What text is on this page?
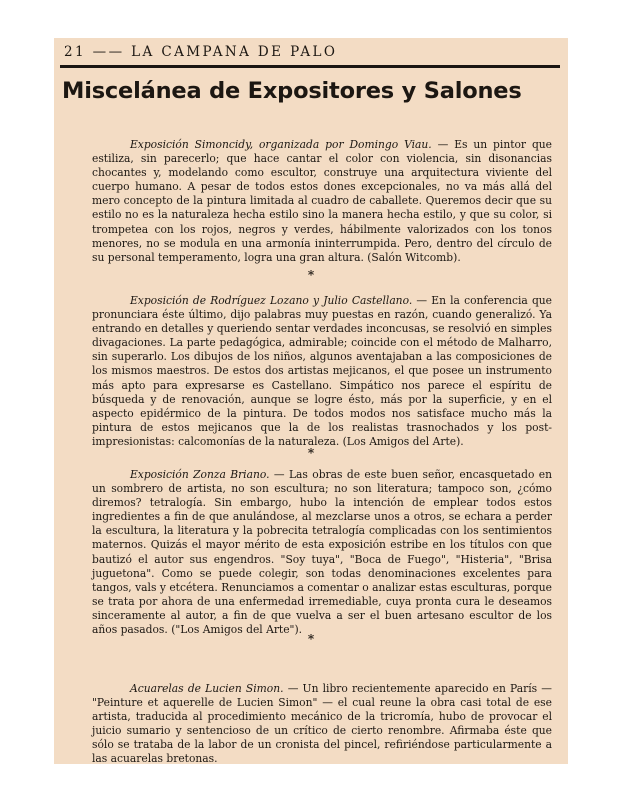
21 —— LA CAMPANA DE PALO
Miscelánea de Expositores y Salones

Exposición Simoncidy, organizada por Domingo Viau. — Es un pintor que estiliza, sin parecerlo; que hace cantar el color con violencia, sin disonancias chocantes y, modelando como escultor, construye una arquitectura viviente del cuerpo humano. A pesar de todos estos dones excepcionales, no va más allá del mero concepto de la pintura limitada al cuadro de caballete. Queremos decir que su estilo no es la naturaleza hecha estilo sino la manera hecha estilo, y que su color, si trompetea con los rojos, negros y verdes, hábilmente valorizados con los tonos menores, no se modula en una armonía ininterrumpida. Pero, dentro del círculo de su personal temperamento, logra una gran altura. (Salón Witcomb).

*

Exposición de Rodríguez Lozano y Julio Castellano. — En la conferencia que pronunciara éste último, dijo palabras muy puestas en razón, cuando generalizó. Ya entrando en detalles y queriendo sentar verdades inconcusas, se resolvió en simples divagaciones. La parte pedagógica, admirable; coincide con el método de Malharro, sin superarlo. Los dibujos de los niños, algunos aventajaban a las composiciones de los mismos maestros. De estos dos artistas mejicanos, el que posee un instrumento más apto para expresarse es Castellano. Simpático nos parece el espíritu de búsqueda y de renovación, aunque se logre ésto, más por la superficie, y en el aspecto epidérmico de la pintura. De todos modos nos satisface mucho más la pintura de estos mejicanos que la de los realistas trasnochados y los post-impresionistas: calcomonías de la naturaleza. (Los Amigos del Arte).

*

Exposición Zonza Briano. — Las obras de este buen señor, encasquetado en un sombrero de artista, no son escultura; no son literatura; tampoco son, ¿cómo diremos? tetralogía. Sin embargo, hubo la intención de emplear todos estos ingredientes a fin de que anulándose, al mezclarse unos a otros, se echara a perder la escultura, la literatura y la pobrecita tetralogía complicadas con los sentimientos maternos. Quizás el mayor mérito de esta exposición estribe en los títulos con que bautizó el autor sus engendros. "Soy tuya", "Boca de Fuego", "Histeria", "Brisa juguetona". Como se puede colegir, son todas denominaciones excelentes para tangos, vals y etcétera. Renunciamos a comentar o analizar estas esculturas, porque se trata por ahora de una enfermedad irremediable, cuya pronta cura le deseamos sinceramente al autor, a fin de que vuelva a ser el buen artesano escultor de los años pasados. ("Los Amigos del Arte").

*

Acuarelas de Lucien Simon. — Un libro recientemente aparecido en París — "Peinture et aquerelle de Lucien Simon" — el cual reune la obra casi total de ese artista, traducida al procedimiento mecánico de la tricromía, hubo de provocar el juicio sumario y sentencioso de un crítico de cierto renombre. Afirmaba éste que sólo se trataba de la labor de un cronista del pincel, refiriéndose particularmente a las acuarelas bretonas.
